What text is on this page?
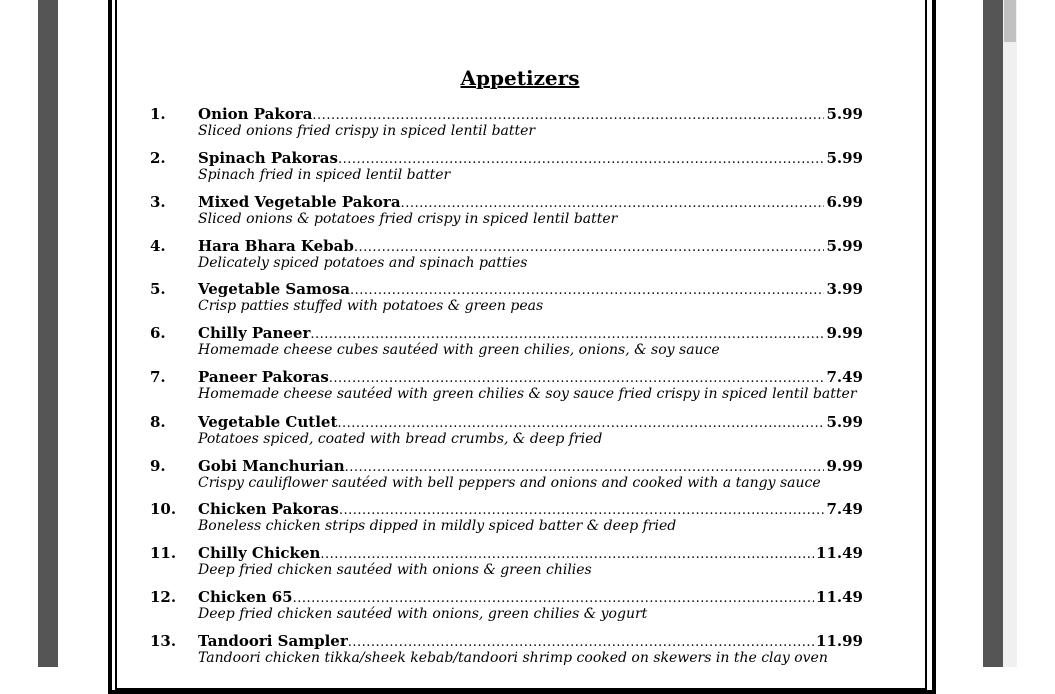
Appetizers
1. Onion Pakora .....	5.99
Sliced onions fried crispy in spiced lentil batter
2. Spinach Pakoras .....	5.99
Spinach fried in spiced lentil batter
3. Mixed Vegetable Pakora .....	6.99
Sliced onions & potatoes fried crispy in spiced lentil batter
4. Hara Bhara Kebab .....	5.99
Delicately spiced potatoes and spinach patties
5. Vegetable Samosa .....	3.99
Crisp patties stuffed with potatoes & green peas
6. Chilly Paneer .....	9.99
Homemade cheese cubes sautéed with green chilies, onions, & soy sauce
7. Paneer Pakoras .....	7.49
Homemade cheese sautéed with green chilies & soy sauce fried crispy in spiced lentil batter
8. Vegetable Cutlet .....	5.99
Potatoes spiced, coated with bread crumbs, & deep fried
9. Gobi Manchurian .....	9.99
Crispy cauliflower sautéed with bell peppers and onions and cooked with a tangy sauce
10. Chicken Pakoras .....	7.49
Boneless chicken strips dipped in mildly spiced batter & deep fried
11. Chilly Chicken .....	11.49
Deep fried chicken sautéed with onions & green chilies
12. Chicken 65 .....	11.49
Deep fried chicken sautéed with onions, green chilies & yogurt
13. Tandoori Sampler .....	11.99
Tandoori chicken tikka/sheek kebab/tandoori shrimp cooked on skewers in the clay oven
